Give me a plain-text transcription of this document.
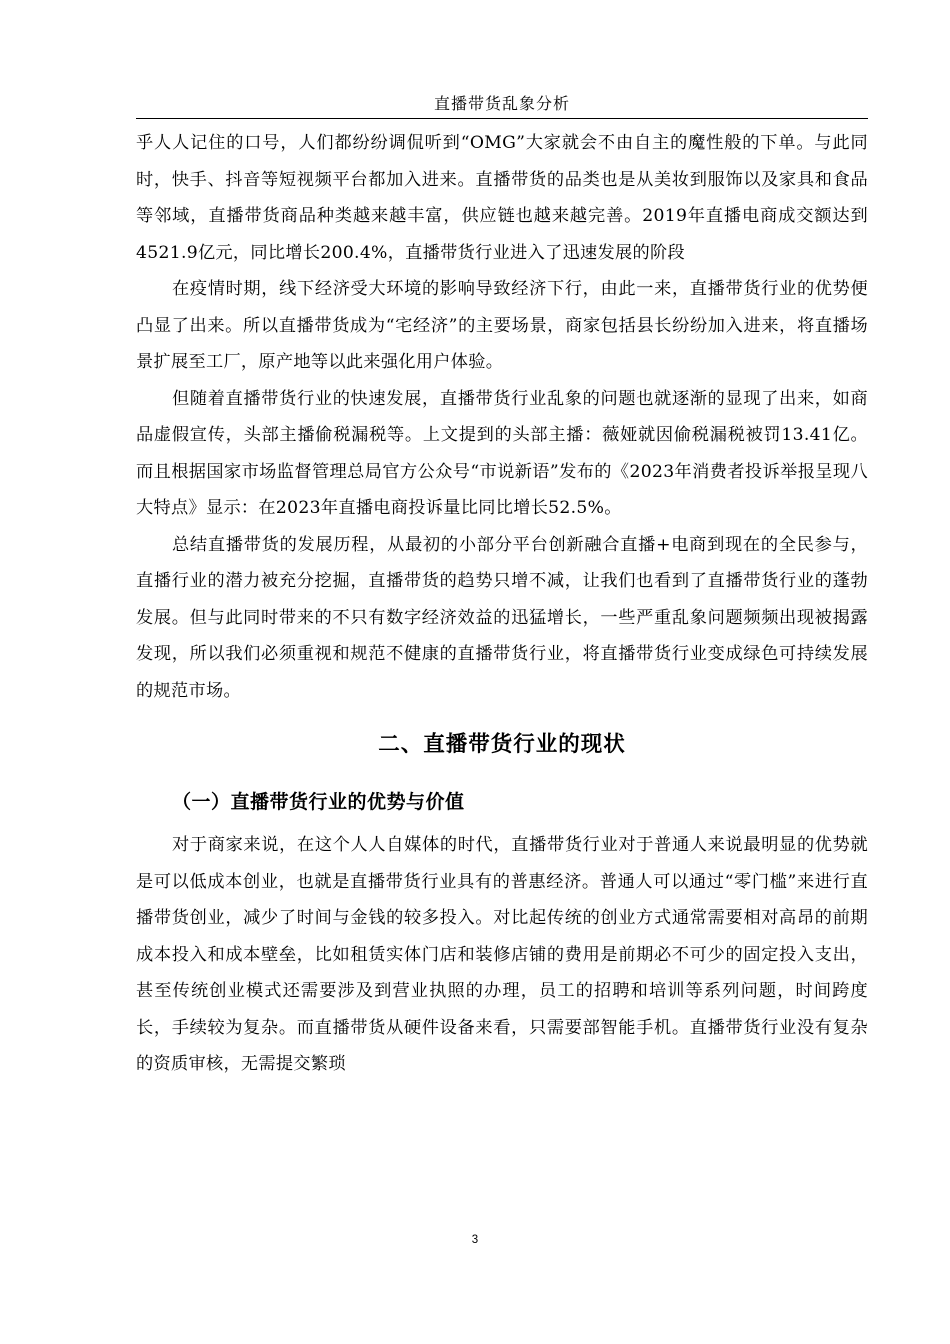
直播带货乱象分析

乎人人记住的口号，人们都纷纷调侃听到“OMG”大家就会不由自主的魔性般的下单。与此同时，快手、抖音等短视频平台都加入进来。直播带货的品类也是从美妆到服饰以及家具和食品等邻域，直播带货商品种类越来越丰富，供应链也越来越完善。2019年直播电商成交额达到4521.9亿元，同比增长200.4%，直播带货行业进入了迅速发展的阶段

在疫情时期，线下经济受大环境的影响导致经济下行，由此一来，直播带货行业的优势便凸显了出来。所以直播带货成为“宅经济”的主要场景，商家包括县长纷纷加入进来，将直播场景扩展至工厂，原产地等以此来强化用户体验。

但随着直播带货行业的快速发展，直播带货行业乱象的问题也就逐渐的显现了出来，如商品虚假宣传，头部主播偷税漏税等。上文提到的头部主播：薇娅就因偷税漏税被罚13.41亿。而且根据国家市场监督管理总局官方公众号“市说新语”发布的《2023年消费者投诉举报呈现八大特点》显示：在2023年直播电商投诉量比同比增长52.5%。

总结直播带货的发展历程，从最初的小部分平台创新融合直播+电商到现在的全民参与，直播行业的潜力被充分挖掘，直播带货的趋势只增不减，让我们也看到了直播带货行业的蓬勃发展。但与此同时带来的不只有数字经济效益的迅猛增长，一些严重乱象问题频频出现被揭露发现，所以我们必须重视和规范不健康的直播带货行业，将直播带货行业变成绿色可持续发展的规范市场。

二、直播带货行业的现状
（一）直播带货行业的优势与价值

对于商家来说，在这个人人自媒体的时代，直播带货行业对于普通人来说最明显的优势就是可以低成本创业，也就是直播带货行业具有的普惠经济。普通人可以通过“零门槛”来进行直播带货创业，减少了时间与金钱的较多投入。对比起传统的创业方式通常需要相对高昂的前期成本投入和成本壁垒，比如租赁实体门店和装修店铺的费用是前期必不可少的固定投入支出，甚至传统创业模式还需要涉及到营业执照的办理，员工的招聘和培训等系列问题，时间跨度长，手续较为复杂。而直播带货从硬件设备来看，只需要部智能手机。直播带货行业没有复杂的资质审核，无需提交繁琐

3
